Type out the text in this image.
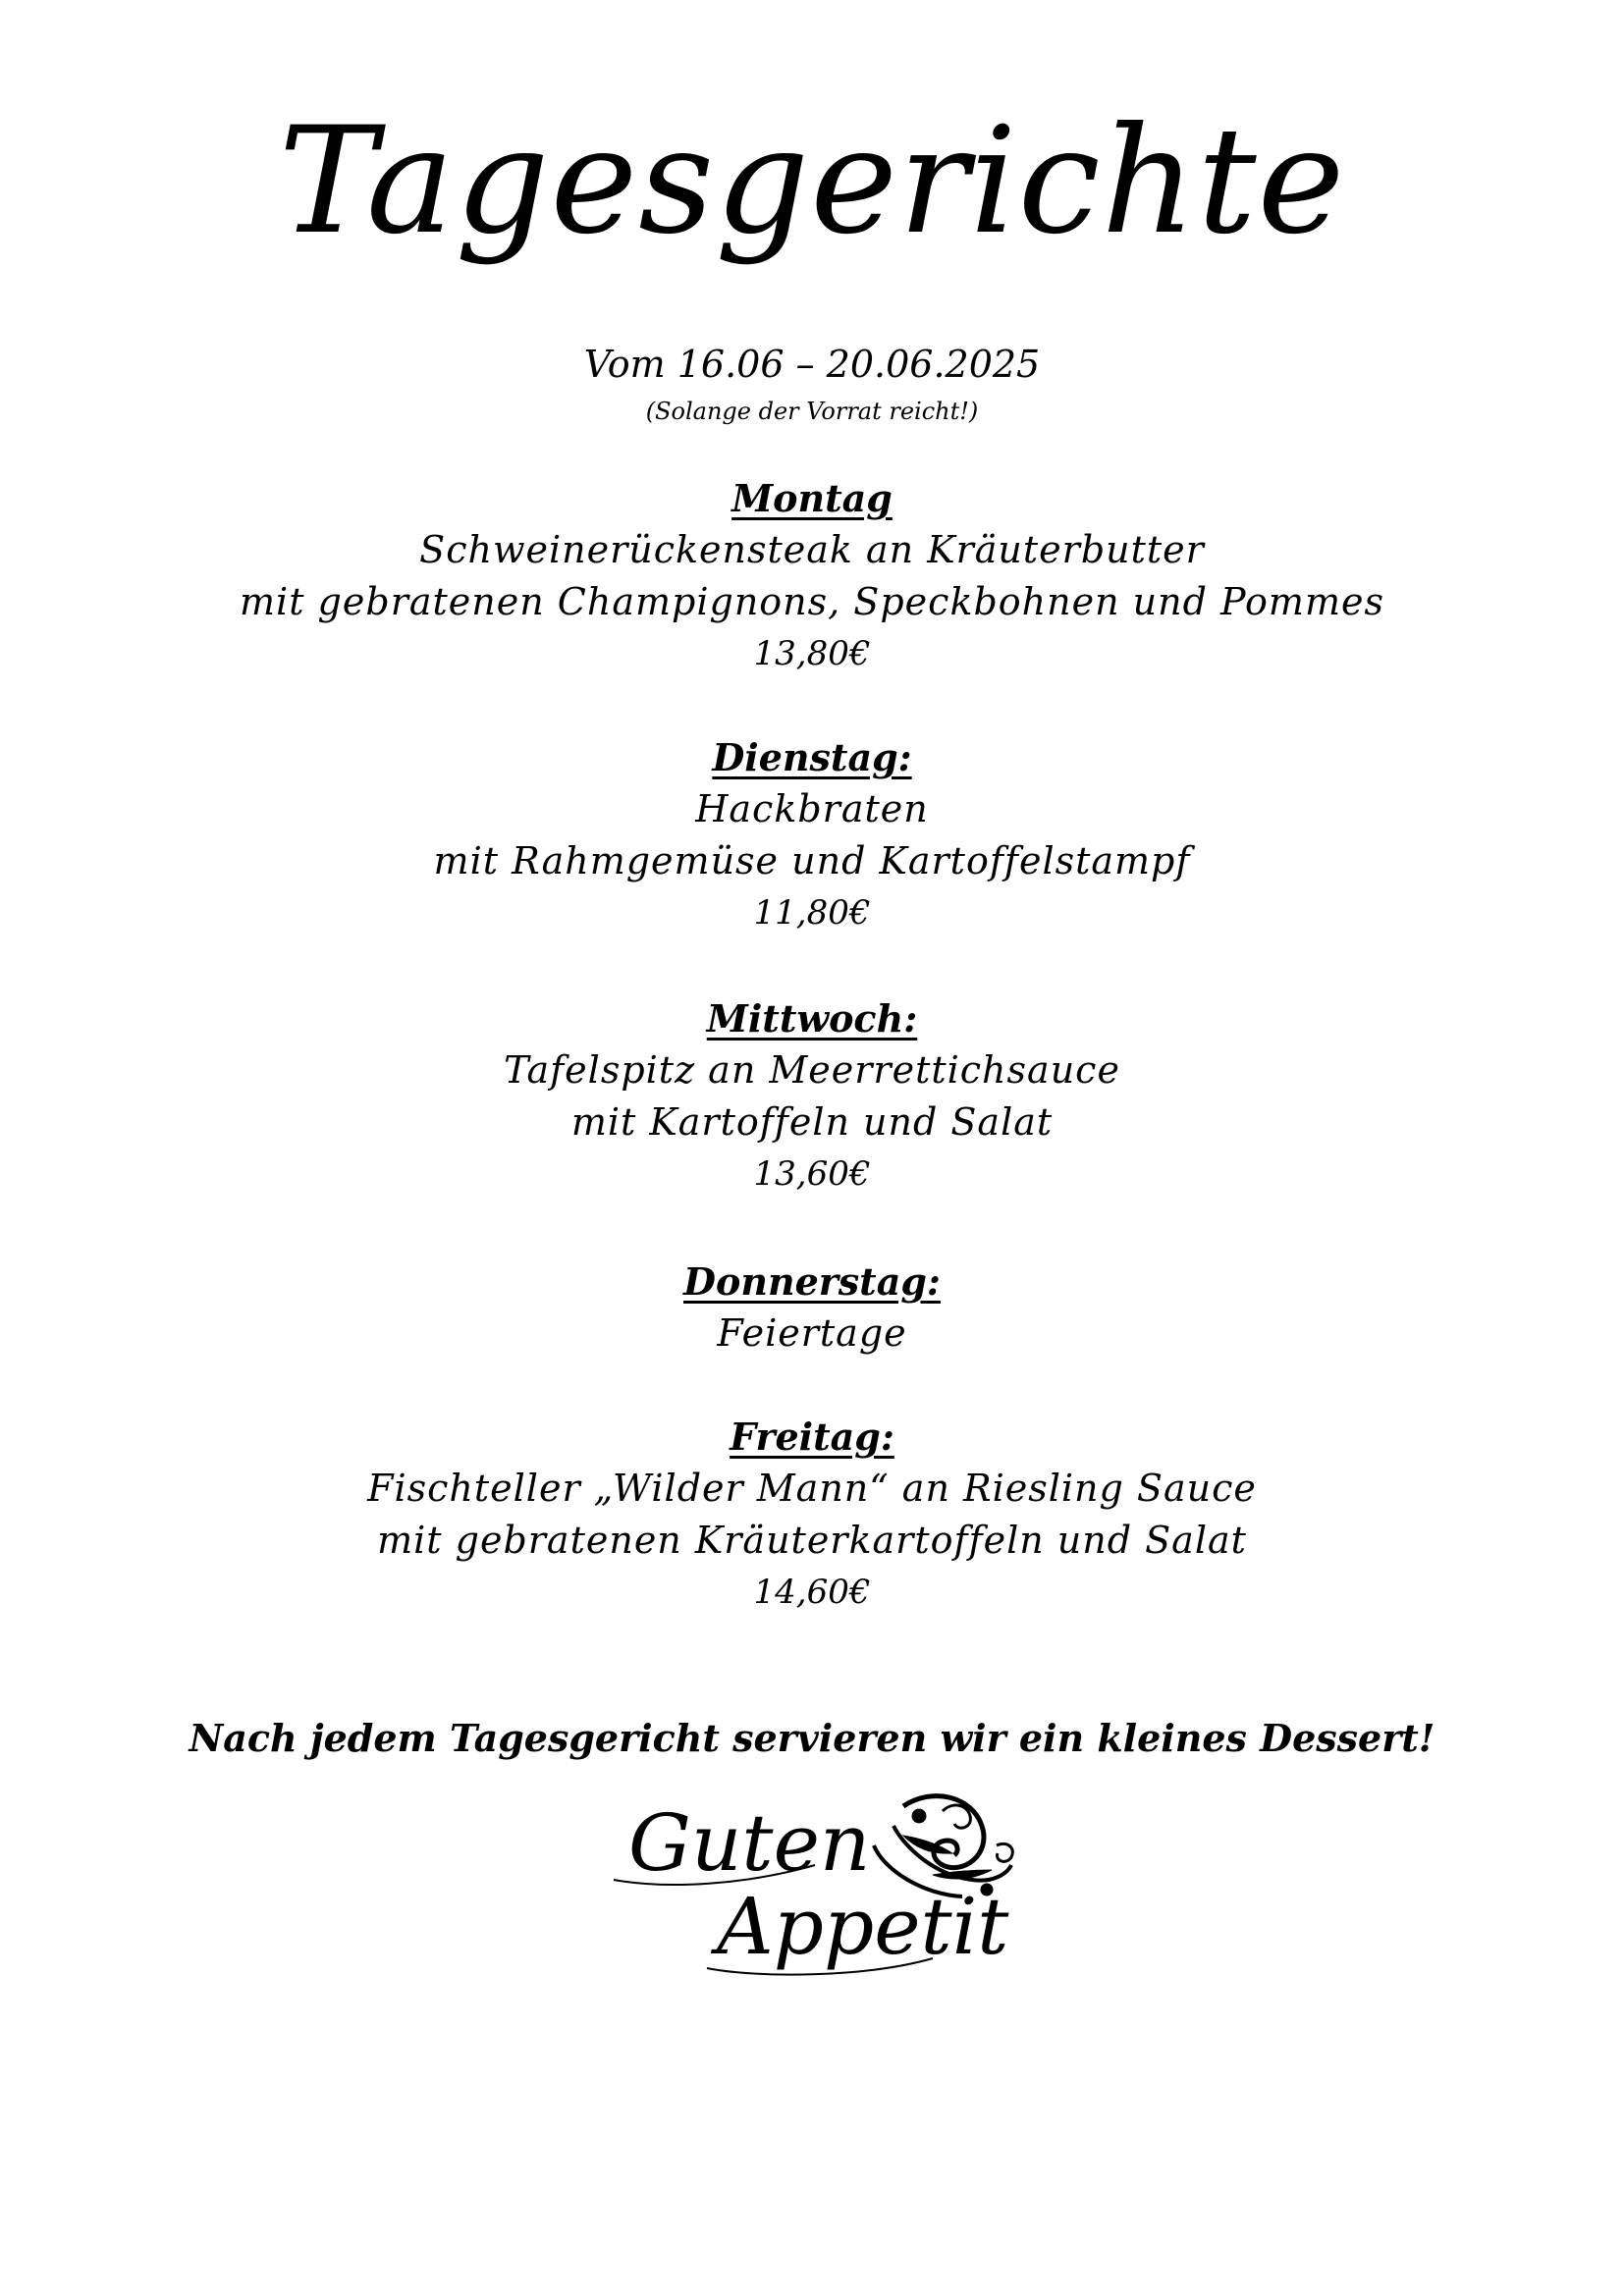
Tagesgerichte
Vom 16.06 – 20.06.2025
(Solange der Vorrat reicht!)
Montag
Schweinerückensteak an Kräuterbutter
mit gebratenen Champignons, Speckbohnen und Pommes
13,80€
Dienstag:
Hackbraten
mit Rahmgemüse und Kartoffelstampf
11,80€
Mittwoch:
Tafelspitz an Meerrettichsauce
mit Kartoffeln und Salat
13,60€
Donnerstag:
Feiertage
Freitag:
Fischteller „Wilder Mann“ an Riesling Sauce
mit gebratenen Kräuterkartoffeln und Salat
14,60€
Nach jedem Tagesgericht servieren wir ein kleines Dessert!
Guten
Appetit
